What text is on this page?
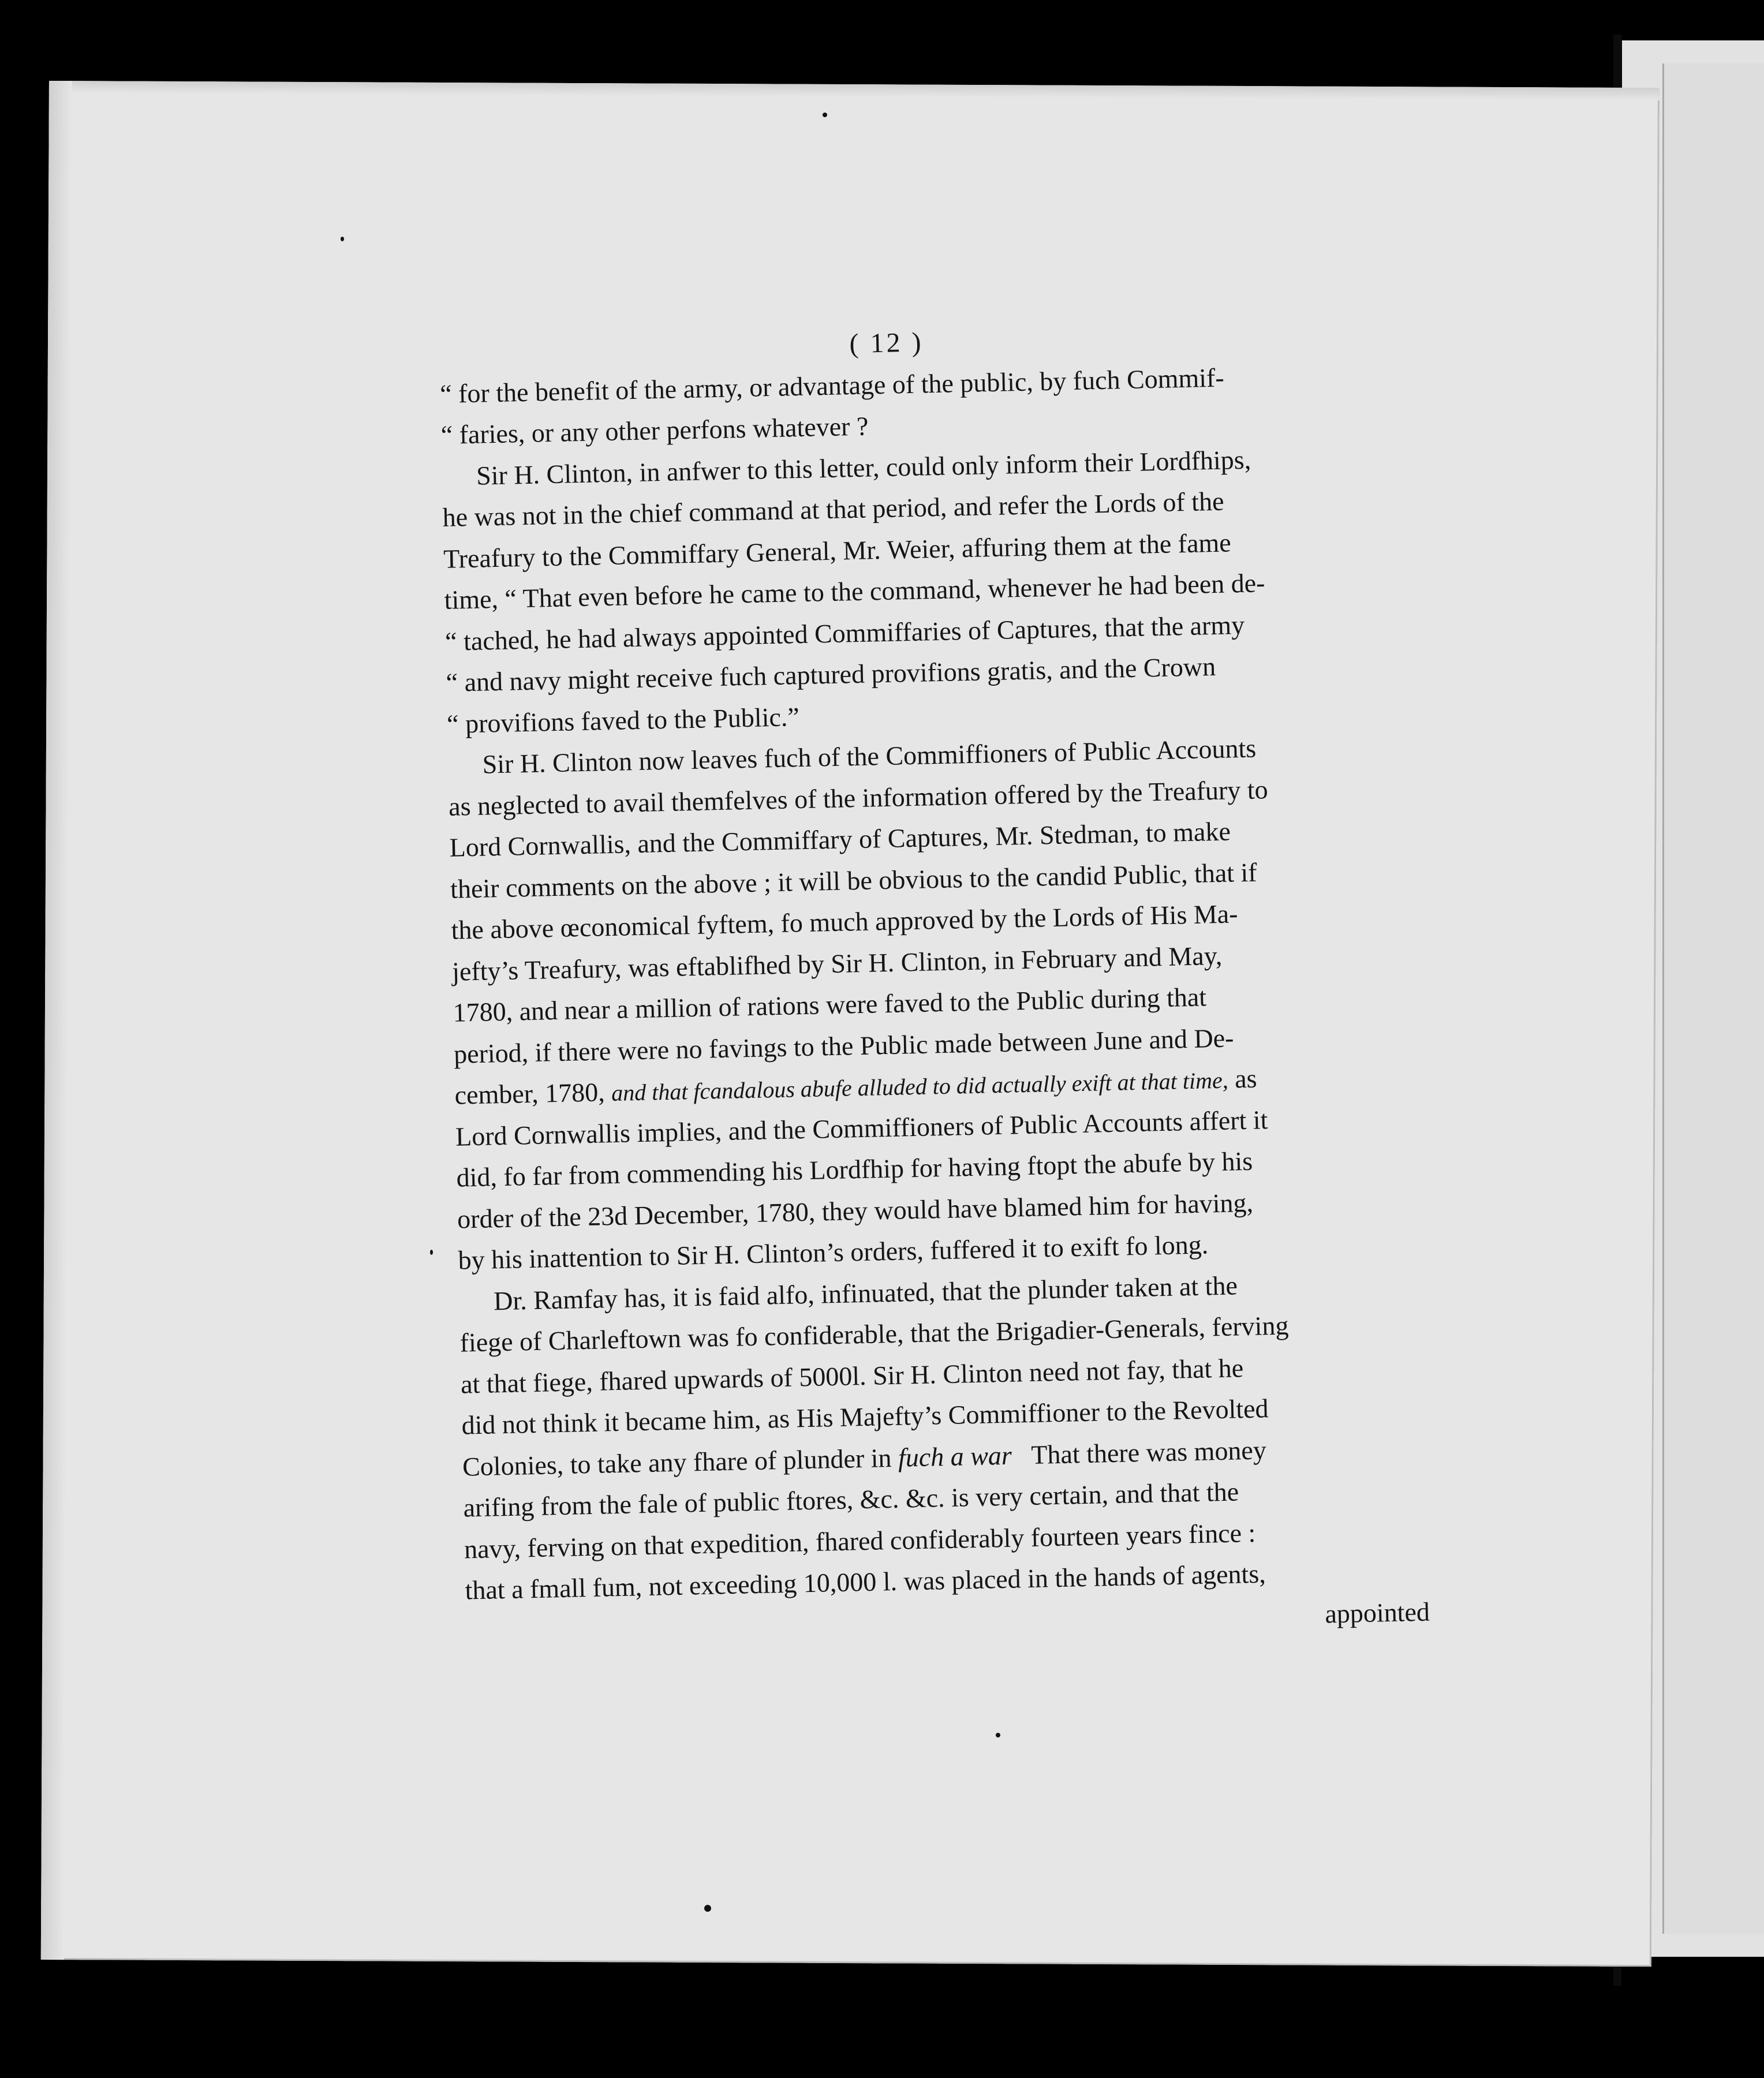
( 12 )
“ for the benefit of the army, or advantage of the public, by fuch Commif-
“ faries, or any other perfons whatever ?
Sir H. Clinton, in anfwer to this letter, could only inform their Lordfhips,
he was not in the chief command at that period, and refer the Lords of the
Treafury to the Commiffary General, Mr. Weier, affuring them at the fame
time, “ That even before he came to the command, whenever he had been de-
“ tached, he had always appointed Commiffaries of Captures, that the army
“ and navy might receive fuch captured provifions gratis, and the Crown
“ provifions faved to the Public.”
Sir H. Clinton now leaves fuch of the Commiffioners of Public Accounts
as neglected to avail themfelves of the information offered by the Treafury to
Lord Cornwallis, and the Commiffary of Captures, Mr. Stedman, to make
their comments on the above ; it will be obvious to the candid Public, that if
the above œconomical fyftem, fo much approved by the Lords of His Ma-
jefty’s Treafury, was eftablifhed by Sir H. Clinton, in February and May,
1780, and near a million of rations were faved to the Public during that
period, if there were no favings to the Public made between June and De-
cember, 1780, and that fcandalous abufe alluded to did actually exift at that time, as
Lord Cornwallis implies, and the Commiffioners of Public Accounts affert it
did, fo far from commending his Lordfhip for having ftopt the abufe by his
order of the 23d December, 1780, they would have blamed him for having,
by his inattention to Sir H. Clinton’s orders, fuffered it to exift fo long.
Dr. Ramfay has, it is faid alfo, infinuated, that the plunder taken at the
fiege of Charleftown was fo confiderable, that the Brigadier-Generals, ferving
at that fiege, fhared upwards of 5000l. Sir H. Clinton need not fay, that he
did not think it became him, as His Majefty’s Commiffioner to the Revolted
Colonies, to take any fhare of plunder in fuch a war That there was money
arifing from the fale of public ftores, &c. &c. is very certain, and that the
navy, ferving on that expedition, fhared confiderably fourteen years fince :
that a fmall fum, not exceeding 10,000 l. was placed in the hands of agents,
appointed
